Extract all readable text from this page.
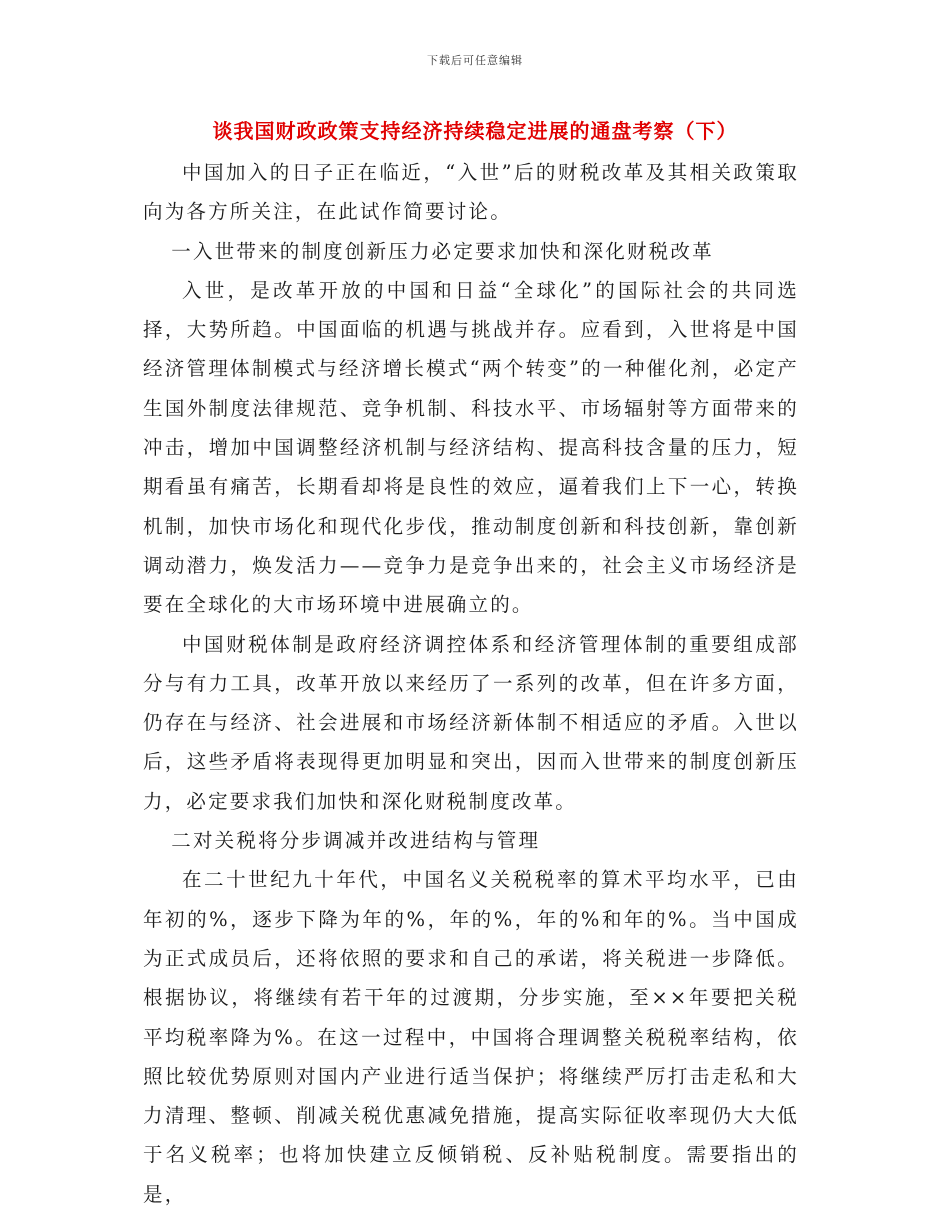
下载后可任意编辑
谈我国财政政策支持经济持续稳定进展的通盘考察（下）

中国加入的日子正在临近，“入世”后的财税改革及其相关政策取向为各方所关注，在此试作简要讨论。

一入世带来的制度创新压力必定要求加快和深化财税改革

入世，是改革开放的中国和日益“全球化”的国际社会的共同选择，大势所趋。中国面临的机遇与挑战并存。应看到，入世将是中国经济管理体制模式与经济增长模式“两个转变”的一种催化剂，必定产生国外制度法律规范、竞争机制、科技水平、市场辐射等方面带来的冲击，增加中国调整经济机制与经济结构、提高科技含量的压力，短期看虽有痛苦，长期看却将是良性的效应，逼着我们上下一心，转换机制，加快市场化和现代化步伐，推动制度创新和科技创新，靠创新调动潜力，焕发活力——竞争力是竞争出来的，社会主义市场经济是要在全球化的大市场环境中进展确立的。

中国财税体制是政府经济调控体系和经济管理体制的重要组成部分与有力工具，改革开放以来经历了一系列的改革，但在许多方面，仍存在与经济、社会进展和市场经济新体制不相适应的矛盾。入世以后，这些矛盾将表现得更加明显和突出，因而入世带来的制度创新压力，必定要求我们加快和深化财税制度改革。

二对关税将分步调减并改进结构与管理

在二十世纪九十年代，中国名义关税税率的算术平均水平，已由年初的%，逐步下降为年的%，年的%，年的%和年的%。当中国成为正式成员后，还将依照的要求和自己的承诺，将关税进一步降低。根据协议，将继续有若干年的过渡期，分步实施，至××年要把关税平均税率降为%。在这一过程中，中国将合理调整关税税率结构，依照比较优势原则对国内产业进行适当保护；将继续严厉打击走私和大力清理、整顿、削减关税优惠减免措施，提高实际征收率现仍大大低于名义税率；也将加快建立反倾销税、反补贴税制度。需要指出的是，
